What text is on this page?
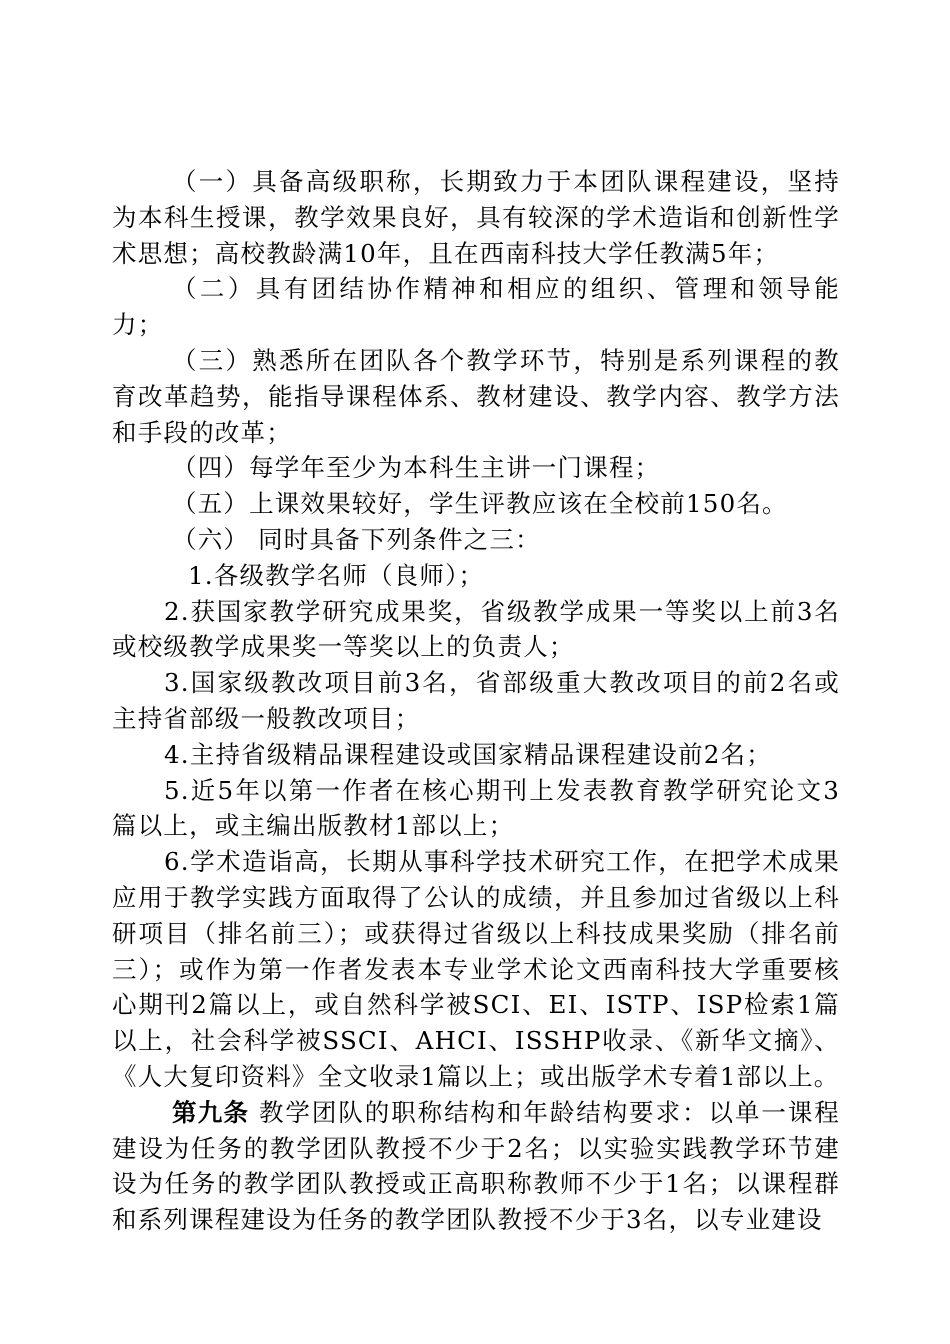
（一）具备高级职称，长期致力于本团队课程建设，坚持为本科生授课，教学效果良好，具有较深的学术造诣和创新性学术思想；高校教龄满10年，且在西南科技大学任教满5年；

（二）具有团结协作精神和相应的组织、管理和领导能力；

（三）熟悉所在团队各个教学环节，特别是系列课程的教育改革趋势，能指导课程体系、教材建设、教学内容、教学方法和手段的改革；

（四）每学年至少为本科生主讲一门课程；

（五）上课效果较好，学生评教应该在全校前150名。

（六） 同时具备下列条件之三：

1.各级教学名师（良师）；

2.获国家教学研究成果奖，省级教学成果一等奖以上前3名或校级教学成果奖一等奖以上的负责人；

3.国家级教改项目前3名，省部级重大教改项目的前2名或主持省部级一般教改项目；

4.主持省级精品课程建设或国家精品课程建设前2名；

5.近5年以第一作者在核心期刊上发表教育教学研究论文3篇以上，或主编出版教材1部以上；

6.学术造诣高，长期从事科学技术研究工作，在把学术成果应用于教学实践方面取得了公认的成绩，并且参加过省级以上科研项目（排名前三）；或获得过省级以上科技成果奖励（排名前三）；或作为第一作者发表本专业学术论文西南科技大学重要核心期刊2篇以上，或自然科学被SCI、EI、ISTP、ISP检索1篇以上，社会科学被SSCI、AHCI、ISSHP收录、《新华文摘》、《人大复印资料》全文收录1篇以上；或出版学术专着1部以上。

第九条 教学团队的职称结构和年龄结构要求：以单一课程建设为任务的教学团队教授不少于2名；以实验实践教学环节建设为任务的教学团队教授或正高职称教师不少于1名；以课程群和系列课程建设为任务的教学团队教授不少于3名，以专业建设
